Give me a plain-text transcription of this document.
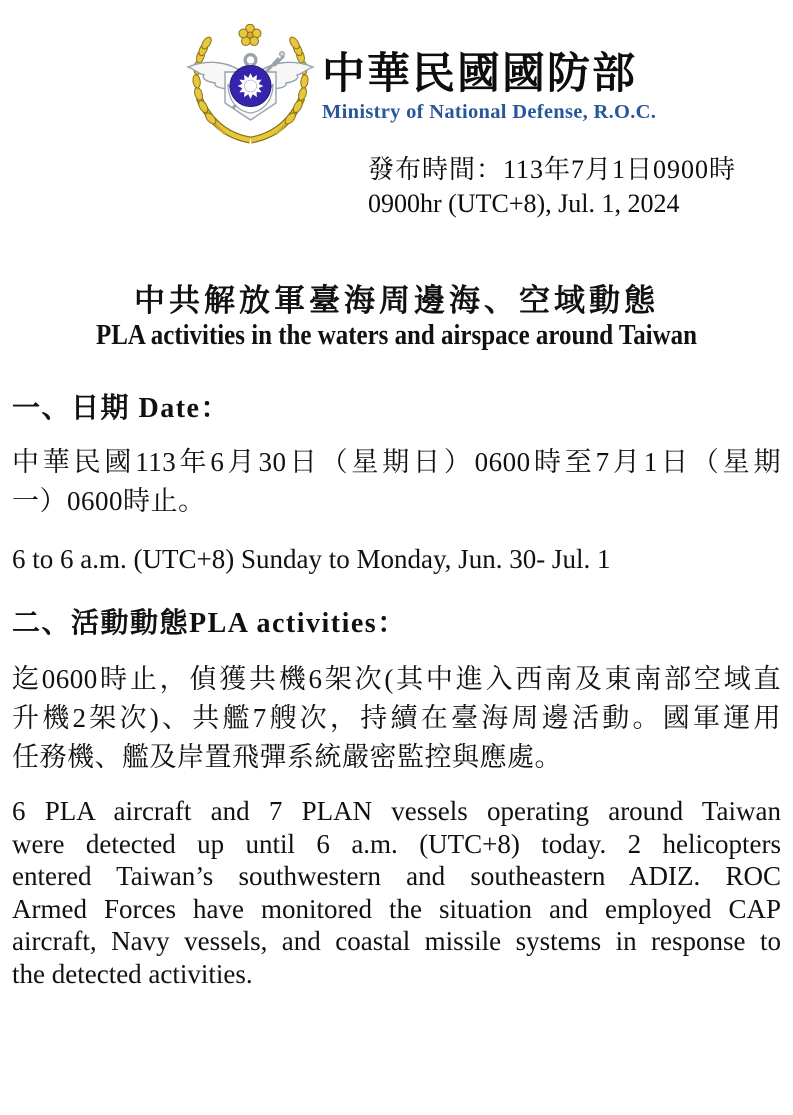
中華民國國防部
Ministry of National Defense, R.O.C.
發布時間：113年7月1日0900時
0900hr (UTC+8), Jul. 1, 2024
中共解放軍臺海周邊海、空域動態
PLA activities in the waters and airspace around Taiwan
一、日期 Date：
中華民國113年6月30日（星期日）0600時至7月1日（星期
一）0600時止。
6 to 6 a.m. (UTC+8) Sunday to Monday, Jun. 30- Jul. 1
二、活動動態PLA activities：
迄0600時止，偵獲共機6架次(其中進入西南及東南部空域直
升機2架次)、共艦7艘次，持續在臺海周邊活動。國軍運用
任務機、艦及岸置飛彈系統嚴密監控與應處。
6 PLA aircraft and 7 PLAN vessels operating around Taiwan
were detected up until 6 a.m. (UTC+8) today. 2 helicopters
entered Taiwan’s southwestern and southeastern ADIZ. ROC
Armed Forces have monitored the situation and employed CAP
aircraft, Navy vessels, and coastal missile systems in response to
the detected activities.
